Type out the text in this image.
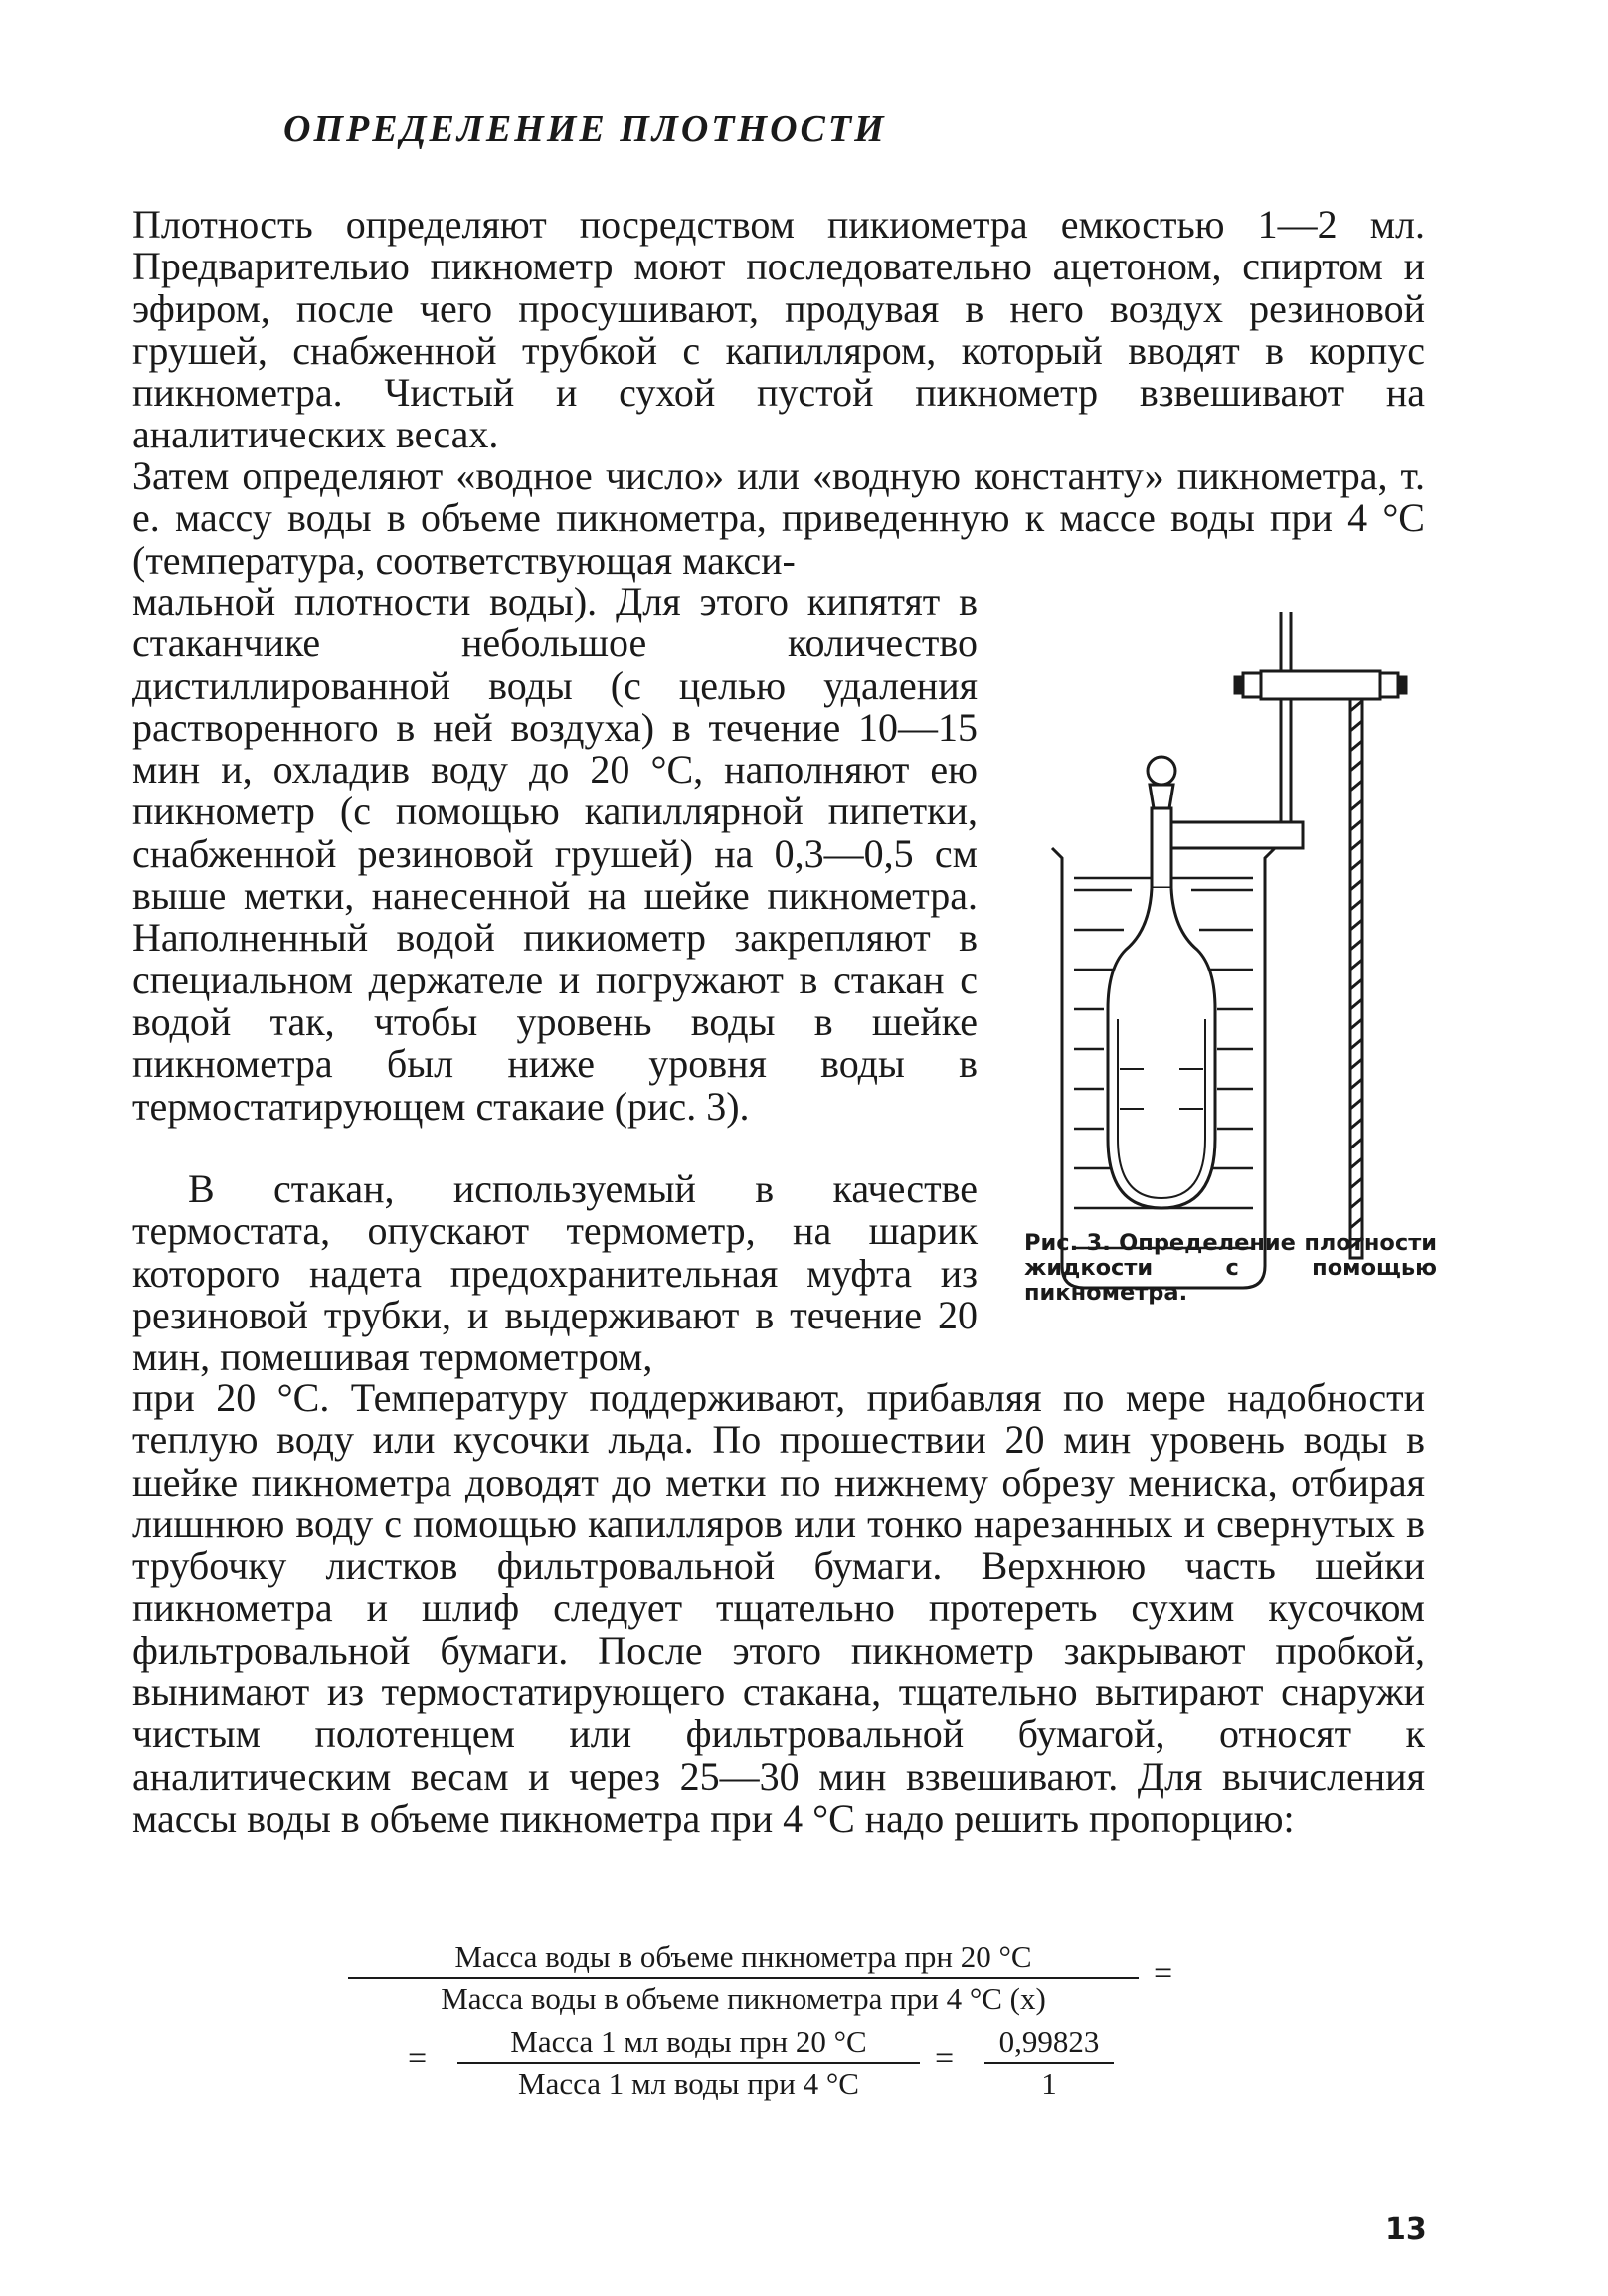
ОПРЕДЕЛЕНИЕ ПЛОТНОСТИ

Плотность определяют посредством пикиометра емкостью 1—2 мл. Предварительио пикнометр моют последовательно ацетоном, спиртом и эфиром, после чего просушивают, продувая в него воздух резиновой грушей, снабженной трубкой с капилляром, который вводят в корпус пикнометра. Чистый и сухой пустой пикнометр взвешивают на аналитических весах.

Затем определяют «водное число» или «водную константу» пикнометра, т. е. массу воды в объеме пикнометра, приведенную к массе воды при 4 °С (температура, соответствующая макси-

мальной плотности воды). Для этого кипятят в стаканчике небольшое количество дистиллированной воды (с целью удаления растворенного в ней воздуха) в течение 10—15 мин и, охладив воду до 20 °С, наполняют ею пикнометр (с помощью капиллярной пипетки, снабженной резиновой грушей) на 0,3—0,5 см выше метки, нанесенной на шейке пикнометра. Наполненный водой пикиометр закрепляют в специальном держателе и погружают в стакан с водой так, чтобы уровень воды в шейке пикнометра был ниже уровня воды в термостатирующем стакаие (рис. 3).

В стакан, используемый в качестве термостата, опускают термометр, на шарик которого надета предохранительная муфта из резиновой трубки, и выдерживают в течение 20 мин, помешивая термометром,

при 20 °С. Температуру поддерживают, прибавляя по мере надобности теплую воду или кусочки льда. По прошествии 20 мин уровень воды в шейке пикнометра доводят до метки по нижнему обрезу мениска, отбирая лишнюю воду с помощью капилляров или тонко нарезанных и свернутых в трубочку листков фильтровальной бумаги. Верхнюю часть шейки пикнометра и шлиф следует тщательно протереть сухим кусочком фильтровальной бумаги. После этого пикнометр закрывают пробкой, вынимают из термостатирующего стакана, тщательно вытирают снаружи чистым полотенцем или фильтровальной бумагой, относят к аналитическим весам и через 25—30 мин взвешивают. Для вычисления массы воды в объеме пикнометра при 4 °С надо решить пропорцию:

Рис. 3. Определение плотности жидкости с помощью пикнометра.
Масса воды в объеме пнкнометра прн 20 °С
Масса воды в объеме пикнометра при 4 °С (x)
=
=	Масса 1 мл воды прн 20 °С
Масса 1 мл воды при 4 °С
= $\frac{0,99823}{1}$
13
